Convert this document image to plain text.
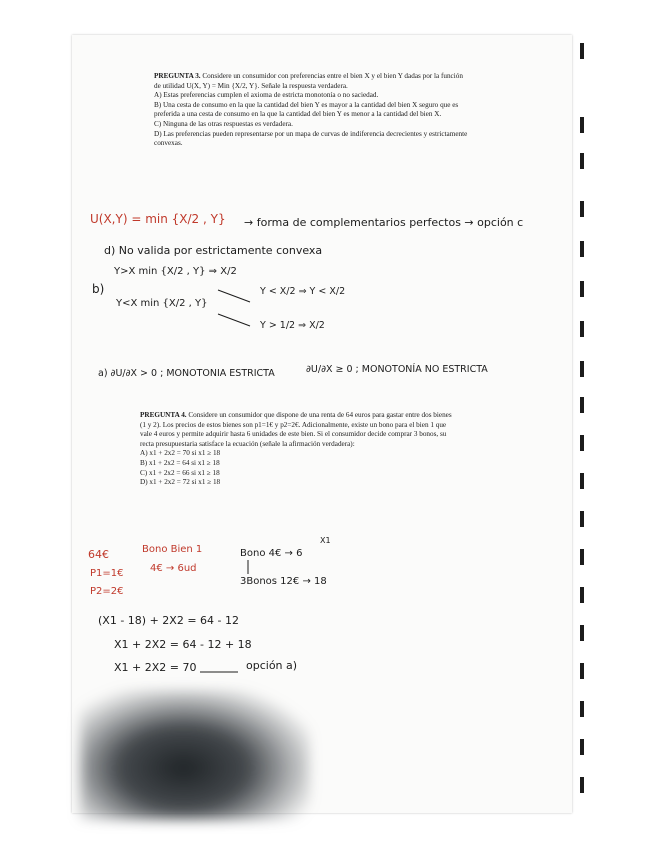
PREGUNTA 3. Considere un consumidor con preferencias entre el bien X y el bien Y dadas por la función

de utilidad U(X, Y) = Min {X/2, Y}. Señale la respuesta verdadera.

A) Estas preferencias cumplen el axioma de estricta monotonía o no saciedad.

B) Una cesta de consumo en la que la cantidad del bien Y es mayor a la cantidad del bien X seguro que es

preferida a una cesta de consumo en la que la cantidad del bien Y es menor a la cantidad del bien X.

C) Ninguna de las otras respuestas es verdadera.

D) Las preferencias pueden representarse por un mapa de curvas de indiferencia decrecientes y estrictamente

convexas.

U(X,Y) = min {X/2 , Y} → forma de complementarios perfectos → opción c
d) No valida por estrictamente convexa
b)
Y>X min {X/2 , Y} ⇒ X/2
Y<X min {X/2 , Y}
Y < X/2 ⇒ Y < X/2
Y > 1/2 ⇒ X/2
a) ∂U/∂X > 0 ; MONOTONIA ESTRICTA	∂U/∂X ≥ 0 ; MONOTONÍA NO ESTRICTA

PREGUNTA 4. Considere un consumidor que dispone de una renta de 64 euros para gastar entre dos bienes

(1 y 2). Los precios de estos bienes son p1=1€ y p2=2€. Adicionalmente, existe un bono para el bien 1 que

vale 4 euros y permite adquirir hasta 6 unidades de este bien. Si el consumidor decide comprar 3 bonos, su

recta presupuestaria satisface la ecuación (señale la afirmación verdadera):

A) x1 + 2x2 = 70 si x1 ≥ 18

B) x1 + 2x2 = 64 si x1 ≥ 18

C) x1 + 2x2 = 66 si x1 ≥ 18

D) x1 + 2x2 = 72 si x1 ≥ 18

64€
P1=1€
P2=2€
Bono Bien 1
4€ → 6ud
X1
Bono 4€ → 6
3Bonos 12€ → 18
(X1 - 18) + 2X2 = 64 - 12
X1 + 2X2 = 64 - 12 + 18
X1 + 2X2 = 70	opción a)
